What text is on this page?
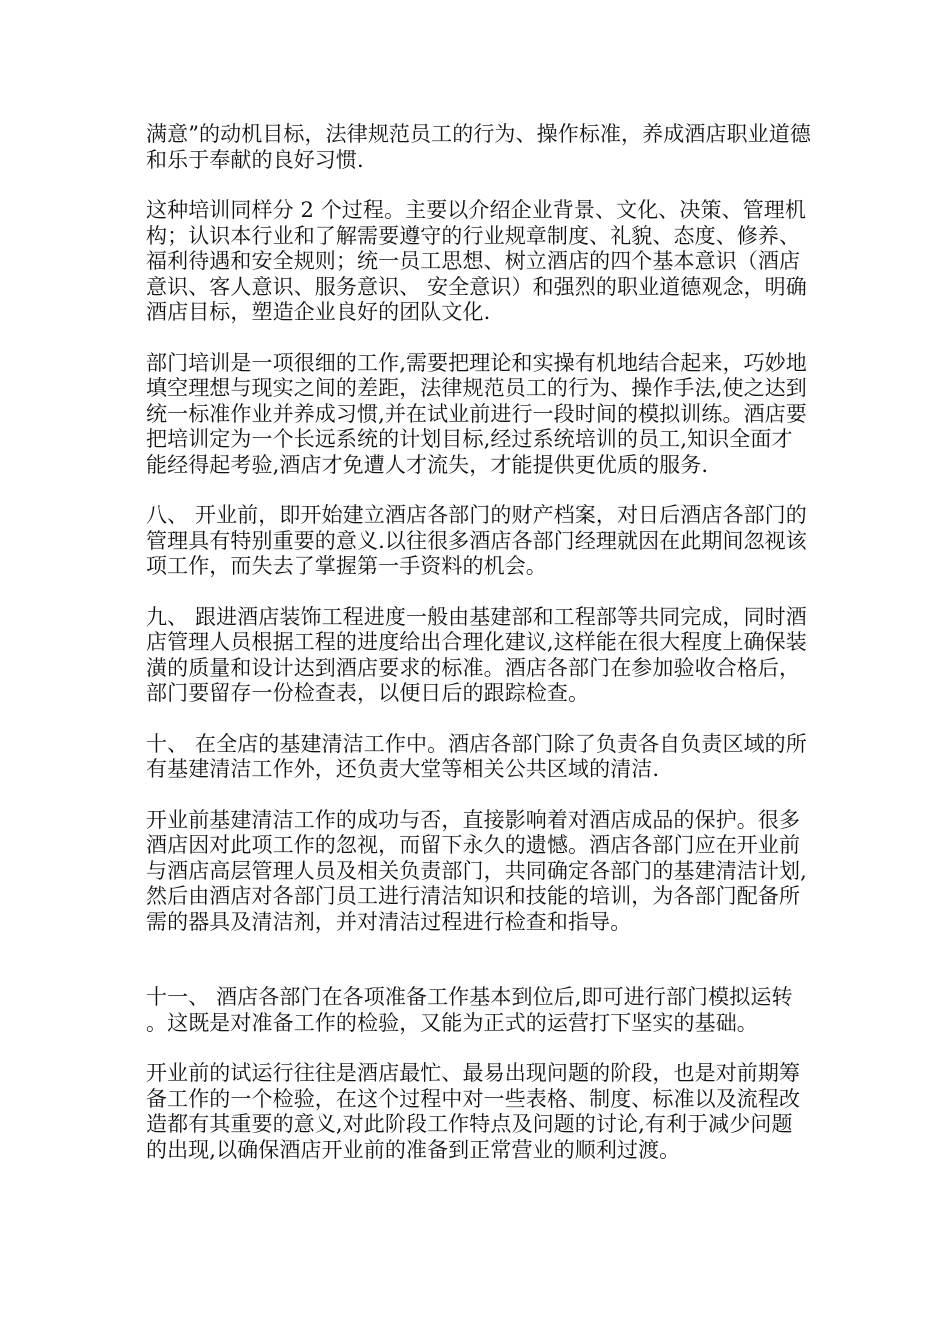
满意”的动机目标，法律规范员工的行为、操作标准，养成酒店职业道德和乐于奉献的良好习惯.

这种培训同样分 2 个过程。主要以介绍企业背景、文化、决策、管理机构；认识本行业和了解需要遵守的行业规章制度、礼貌、态度、修养、福利待遇和安全规则；统一员工思想、树立酒店的四个基本意识（酒店意识、客人意识、服务意识、 安全意识）和强烈的职业道德观念，明确酒店目标，塑造企业良好的团队文化.

部门培训是一项很细的工作,需要把理论和实操有机地结合起来，巧妙地填空理想与现实之间的差距，法律规范员工的行为、操作手法,使之达到统一标准作业并养成习惯,并在试业前进行一段时间的模拟训练。酒店要把培训定为一个长远系统的计划目标,经过系统培训的员工,知识全面才能经得起考验,酒店才免遭人才流失，才能提供更优质的服务.

八、 开业前，即开始建立酒店各部门的财产档案，对日后酒店各部门的管理具有特别重要的意义.以往很多酒店各部门经理就因在此期间忽视该项工作，而失去了掌握第一手资料的机会。

九、 跟进酒店装饰工程进度一般由基建部和工程部等共同完成，同时酒店管理人员根据工程的进度给出合理化建议,这样能在很大程度上确保装潢的质量和设计达到酒店要求的标准。酒店各部门在参加验收合格后，部门要留存一份检查表，以便日后的跟踪检查。

十、 在全店的基建清洁工作中。酒店各部门除了负责各自负责区域的所有基建清洁工作外，还负责大堂等相关公共区域的清洁.

开业前基建清洁工作的成功与否，直接影响着对酒店成品的保护。很多酒店因对此项工作的忽视，而留下永久的遗憾。酒店各部门应在开业前与酒店高层管理人员及相关负责部门，共同确定各部门的基建清洁计划,然后由酒店对各部门员工进行清洁知识和技能的培训，为各部门配备所需的器具及清洁剂，并对清洁过程进行检查和指导。

十一、 酒店各部门在各项准备工作基本到位后,即可进行部门模拟运转。这既是对准备工作的检验，又能为正式的运营打下坚实的基础。

开业前的试运行往往是酒店最忙、最易出现问题的阶段，也是对前期筹备工作的一个检验，在这个过程中对一些表格、制度、标准以及流程改造都有其重要的意义,对此阶段工作特点及问题的讨论,有利于减少问题的出现,以确保酒店开业前的准备到正常营业的顺利过渡。
